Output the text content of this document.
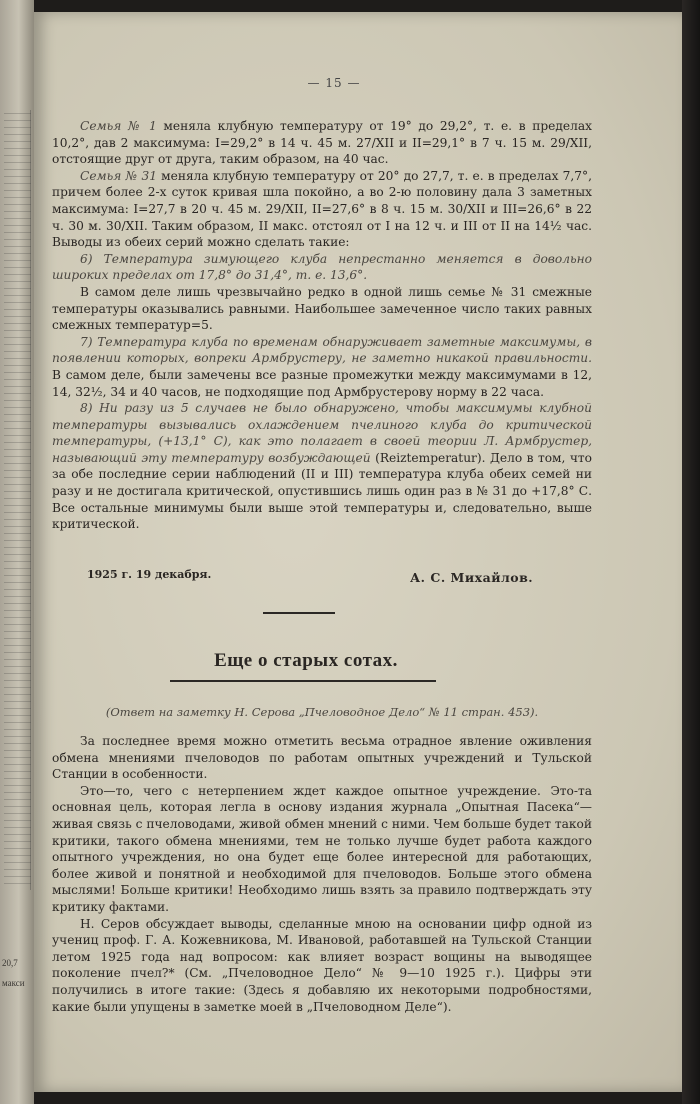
20,7
макси
— 15 —

Семья № 1 меняла клубную температуру от 19° до 29,2°, т. е. в пределах 10,2°, дав 2 максимума: I=29,2° в 14 ч. 45 м. 27/XII и II=29,1° в 7 ч. 15 м. 29/XII, отстоящие друг от друга, таким образом, на 40 час.

Семья № 31 меняла клубную температуру от 20° до 27,7, т. е. в пределах 7,7°, причем более 2-х суток кривая шла покойно, а во 2-ю половину дала 3 заметных максимума: I=27,7 в 20 ч. 45 м. 29/XII, II=27,6° в 8 ч. 15 м. 30/XII и III=26,6° в 22 ч. 30 м. 30/XII. Таким образом, II макс. отстоял от I на 12 ч. и III от II на 14½ час. Выводы из обеих серий можно сделать такие:

6) Температура зимующего клуба непрестанно меняется в довольно широких пределах от 17,8° до 31,4°, т. е. 13,6°.

В самом деле лишь чрезвычайно редко в одной лишь семье № 31 смежные температуры оказывались равными. Наибольшее замеченное число таких равных смежных температур=5.

7) Температура клуба по временам обнаруживает заметные максимумы, в появлении которых, вопреки Армбрустеру, не заметно никакой правильности. В самом деле, были замечены все разные промежутки между максимумами в 12, 14, 32½, 34 и 40 часов, не подходящие под Армбрустерову норму в 22 часа.

8) Ни разу из 5 случаев не было обнаружено, чтобы максимумы клубной температуры вызывались охлаждением пчелиного клуба до критической температуры, (+13,1° C), как это полагает в своей теории Л. Армбрустер, называющий эту температуру возбуждающей (Reiztemperatur). Дело в том, что за обе последние серии наблюдений (II и III) температура клуба обеих семей ни разу и не достигала критической, опустившись лишь один раз в № 31 до +17,8° С. Все остальные минимумы были выше этой температуры и, следовательно, выше критической.

А. С. Михайлов.
1925 г. 19 декабря.
Еще о старых сотах.
(Ответ на заметку Н. Серова „Пчеловодное Дело“ № 11 стран. 453).

За последнее время можно отметить весьма отрадное явление оживления обмена мнениями пчеловодов по работам опытных учреждений и Тульской Станции в особенности.

Это—то, чего с нетерпением ждет каждое опытное учреждение. Это-та основная цель, которая легла в основу издания журнала „Опытная Пасека“—живая связь с пчеловодами, живой обмен мнений с ними. Чем больше будет такой критики, такого обмена мнениями, тем не только лучше будет работа каждого опытного учреждения, но она будет еще более интересной для работающих, более живой и понятной и необходимой для пчеловодов. Больше этого обмена мыслями! Больше критики! Необходимо лишь взять за правило подтверждать эту критику фактами.

Н. Серов обсуждает выводы, сделанные мною на основании цифр одной из учениц проф. Г. А. Кожевникова, М. Ивановой, работавшей на Тульской Станции летом 1925 года над вопросом: как влияет возраст вощины на выводящее поколение пчел?* (См. „Пчеловодное Дело“ № 9—10 1925 г.). Цифры эти получились в итоге такие: (Здесь я добавляю их некоторыми подробностями, какие были упущены в заметке моей в „Пчеловодном Деле“).
